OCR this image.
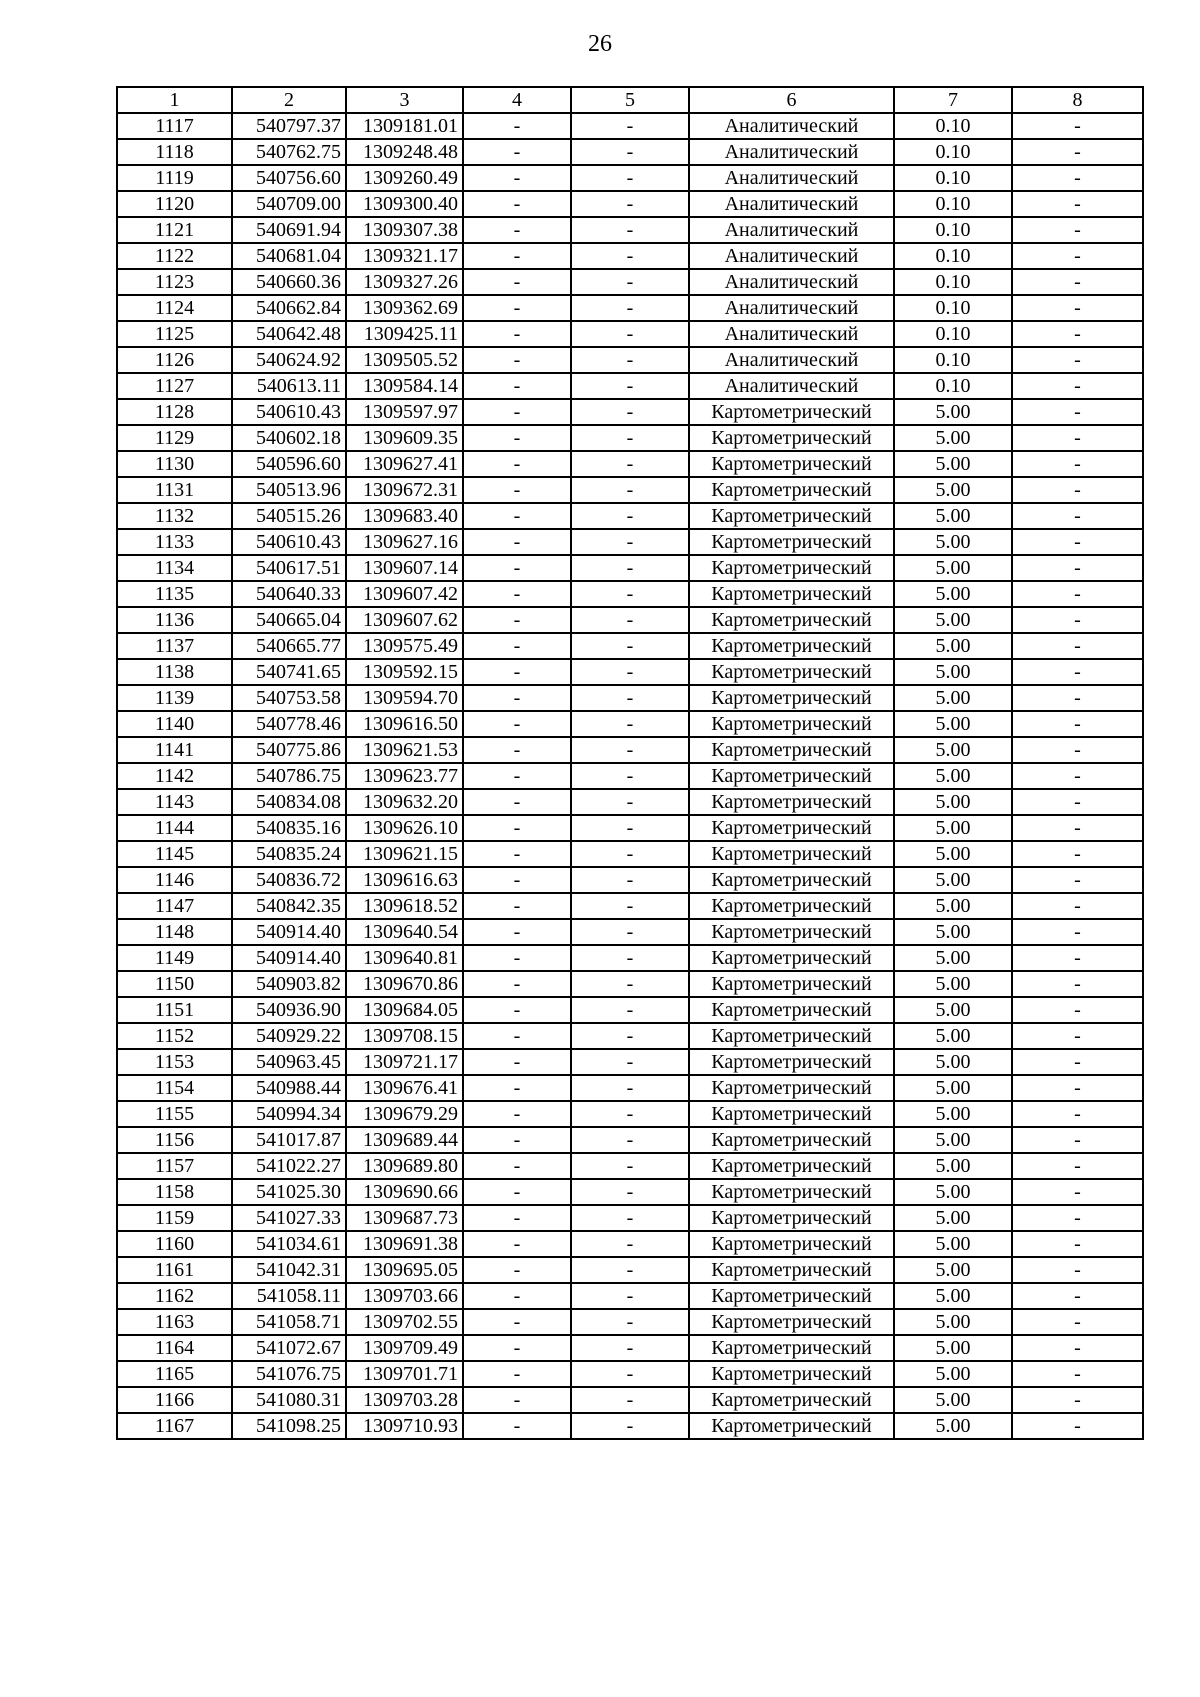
26
1	2	3	4	5	6	7	8
1117	540797.37	1309181.01	-	-	Аналитический	0.10	-
1118	540762.75	1309248.48	-	-	Аналитический	0.10	-
1119	540756.60	1309260.49	-	-	Аналитический	0.10	-
1120	540709.00	1309300.40	-	-	Аналитический	0.10	-
1121	540691.94	1309307.38	-	-	Аналитический	0.10	-
1122	540681.04	1309321.17	-	-	Аналитический	0.10	-
1123	540660.36	1309327.26	-	-	Аналитический	0.10	-
1124	540662.84	1309362.69	-	-	Аналитический	0.10	-
1125	540642.48	1309425.11	-	-	Аналитический	0.10	-
1126	540624.92	1309505.52	-	-	Аналитический	0.10	-
1127	540613.11	1309584.14	-	-	Аналитический	0.10	-
1128	540610.43	1309597.97	-	-	Картометрический	5.00	-
1129	540602.18	1309609.35	-	-	Картометрический	5.00	-
1130	540596.60	1309627.41	-	-	Картометрический	5.00	-
1131	540513.96	1309672.31	-	-	Картометрический	5.00	-
1132	540515.26	1309683.40	-	-	Картометрический	5.00	-
1133	540610.43	1309627.16	-	-	Картометрический	5.00	-
1134	540617.51	1309607.14	-	-	Картометрический	5.00	-
1135	540640.33	1309607.42	-	-	Картометрический	5.00	-
1136	540665.04	1309607.62	-	-	Картометрический	5.00	-
1137	540665.77	1309575.49	-	-	Картометрический	5.00	-
1138	540741.65	1309592.15	-	-	Картометрический	5.00	-
1139	540753.58	1309594.70	-	-	Картометрический	5.00	-
1140	540778.46	1309616.50	-	-	Картометрический	5.00	-
1141	540775.86	1309621.53	-	-	Картометрический	5.00	-
1142	540786.75	1309623.77	-	-	Картометрический	5.00	-
1143	540834.08	1309632.20	-	-	Картометрический	5.00	-
1144	540835.16	1309626.10	-	-	Картометрический	5.00	-
1145	540835.24	1309621.15	-	-	Картометрический	5.00	-
1146	540836.72	1309616.63	-	-	Картометрический	5.00	-
1147	540842.35	1309618.52	-	-	Картометрический	5.00	-
1148	540914.40	1309640.54	-	-	Картометрический	5.00	-
1149	540914.40	1309640.81	-	-	Картометрический	5.00	-
1150	540903.82	1309670.86	-	-	Картометрический	5.00	-
1151	540936.90	1309684.05	-	-	Картометрический	5.00	-
1152	540929.22	1309708.15	-	-	Картометрический	5.00	-
1153	540963.45	1309721.17	-	-	Картометрический	5.00	-
1154	540988.44	1309676.41	-	-	Картометрический	5.00	-
1155	540994.34	1309679.29	-	-	Картометрический	5.00	-
1156	541017.87	1309689.44	-	-	Картометрический	5.00	-
1157	541022.27	1309689.80	-	-	Картометрический	5.00	-
1158	541025.30	1309690.66	-	-	Картометрический	5.00	-
1159	541027.33	1309687.73	-	-	Картометрический	5.00	-
1160	541034.61	1309691.38	-	-	Картометрический	5.00	-
1161	541042.31	1309695.05	-	-	Картометрический	5.00	-
1162	541058.11	1309703.66	-	-	Картометрический	5.00	-
1163	541058.71	1309702.55	-	-	Картометрический	5.00	-
1164	541072.67	1309709.49	-	-	Картометрический	5.00	-
1165	541076.75	1309701.71	-	-	Картометрический	5.00	-
1166	541080.31	1309703.28	-	-	Картометрический	5.00	-
1167	541098.25	1309710.93	-	-	Картометрический	5.00	-
